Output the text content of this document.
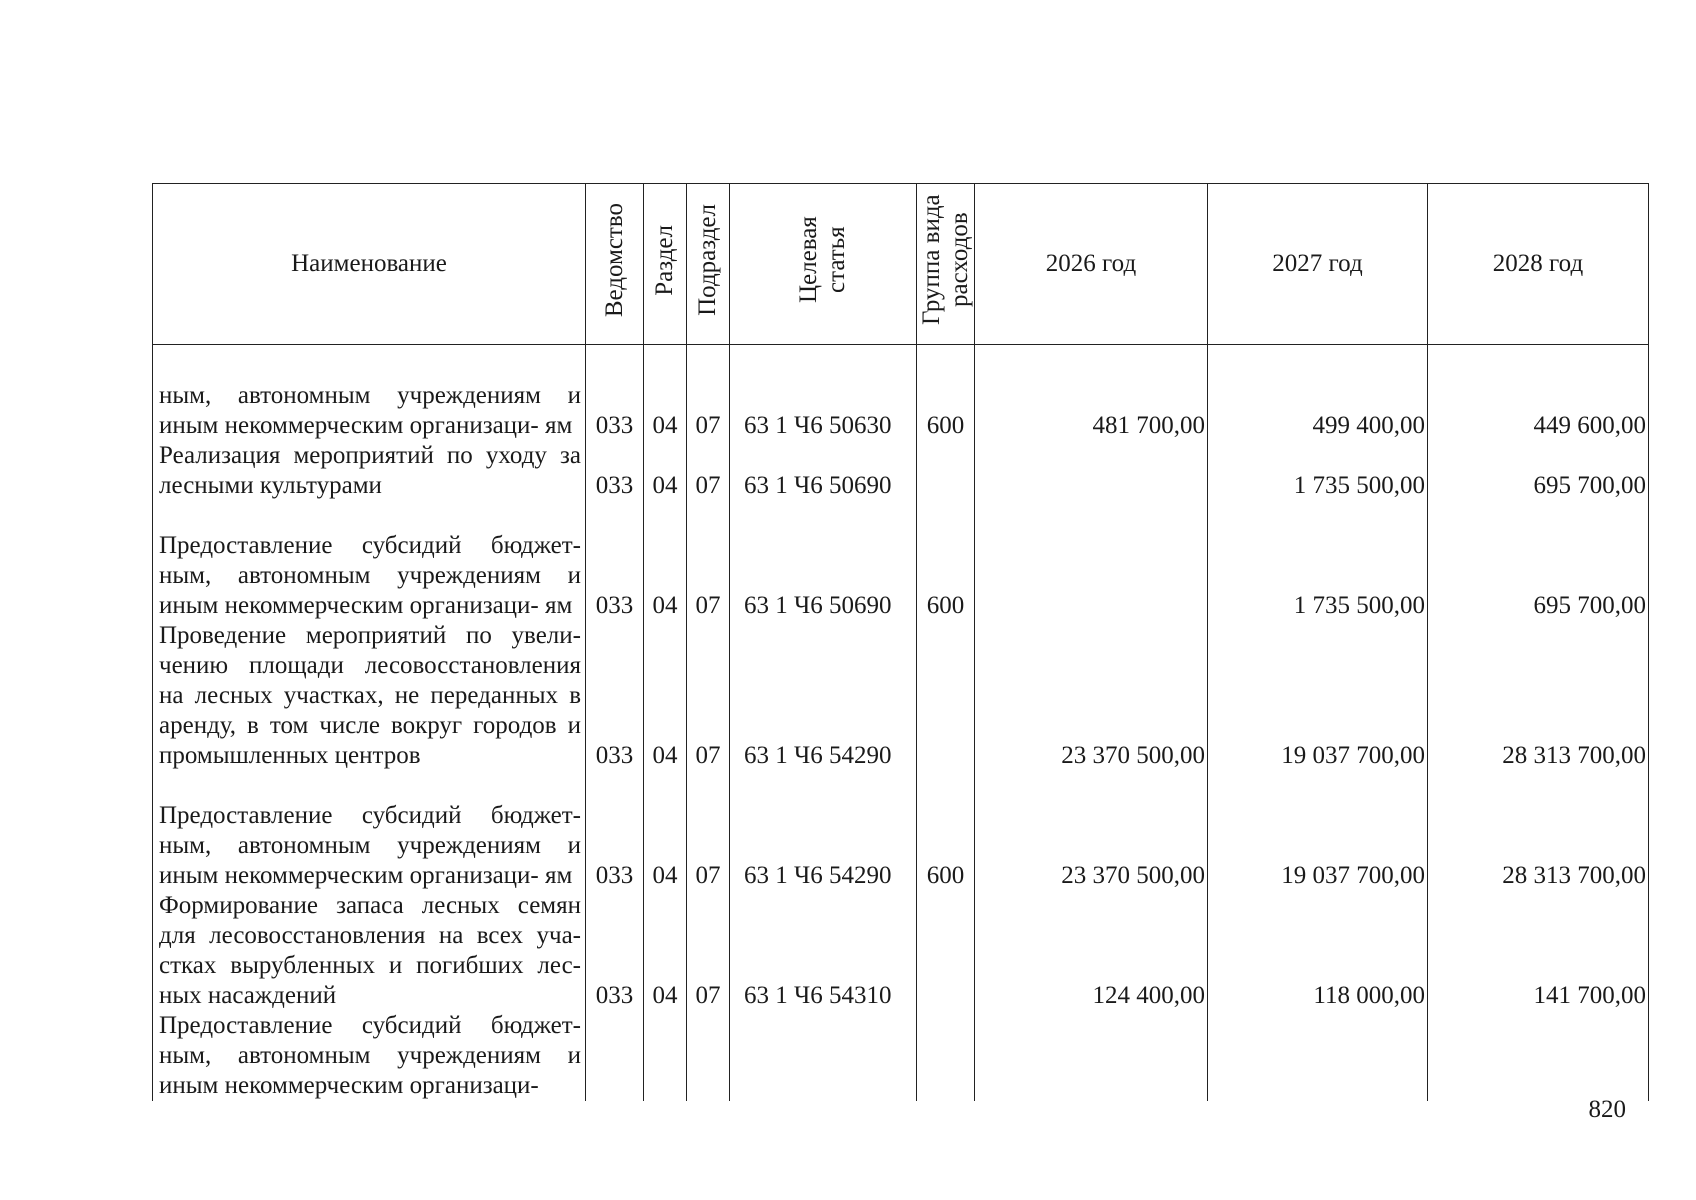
Наименование	Ведомство	Раздел	Подраздел	Целевая статья	Группа вида расходов	2026 год	2027 год	2028 год
ным, автономным учреждениям и иным некоммерческим организаци- ям	033	04	07	63 1 Ч6 50630	600	481 700,00	499 400,00	449 600,00
Реализация мероприятий по уходу за лесными культурами	033	04	07	63 1 Ч6 50690			1 735 500,00	695 700,00
Предоставление субсидий бюджет- ным, автономным учреждениям и иным некоммерческим организаци- ям	033	04	07	63 1 Ч6 50690	600		1 735 500,00	695 700,00
Проведение мероприятий по увели- чению площади лесовосстановления на лесных участках, не переданных в аренду, в том числе вокруг городов и промышленных центров	033	04	07	63 1 Ч6 54290		23 370 500,00	19 037 700,00	28 313 700,00
Предоставление субсидий бюджет- ным, автономным учреждениям и иным некоммерческим организаци- ям	033	04	07	63 1 Ч6 54290	600	23 370 500,00	19 037 700,00	28 313 700,00
Формирование запаса лесных семян для лесовосстановления на всех уча- стках вырубленных и погибших лес- ных насаждений	033	04	07	63 1 Ч6 54310		124 400,00	118 000,00	141 700,00
Предоставление субсидий бюджет- ным, автономным учреждениям и иным некоммерческим организаци-								
820
